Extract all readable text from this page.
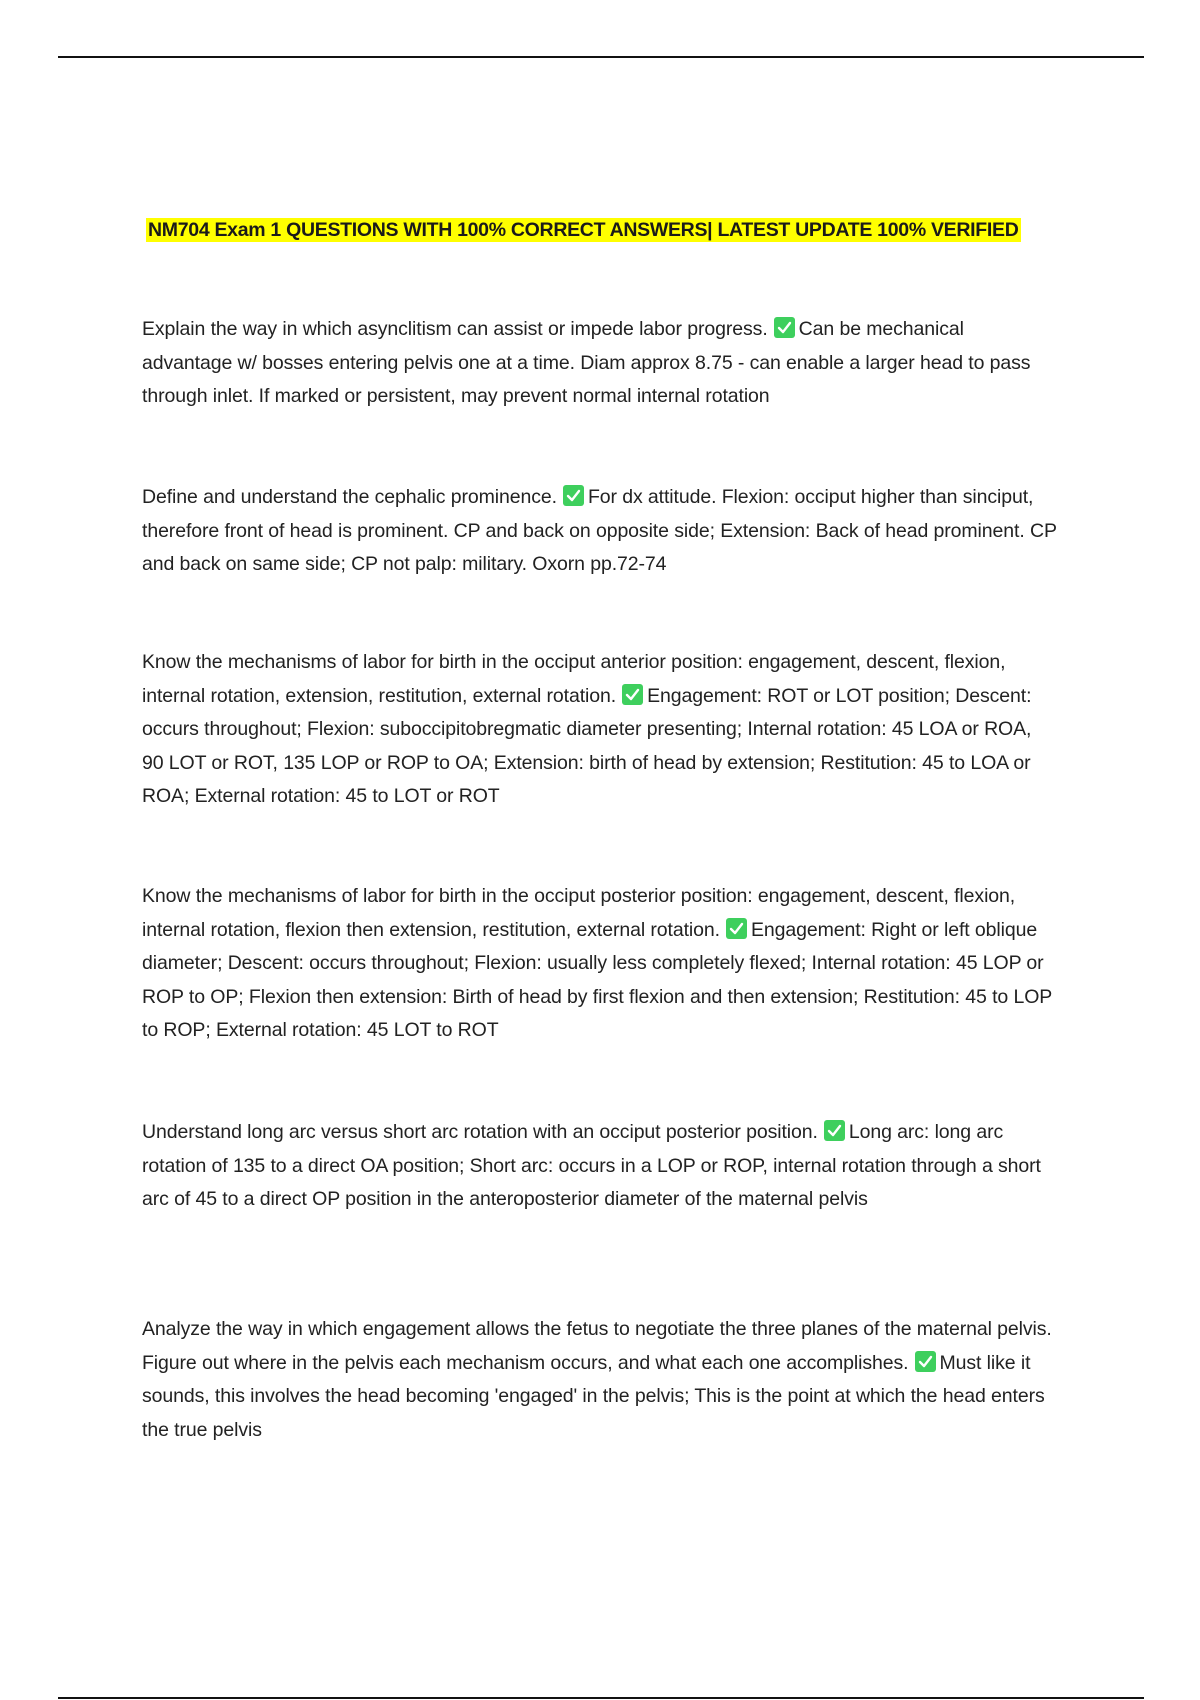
NM704 Exam 1 QUESTIONS WITH 100% CORRECT ANSWERS| LATEST UPDATE 100% VERIFIED
Explain the way in which asynclitism can assist or impede labor progress. Can be mechanical advantage w/ bosses entering pelvis one at a time. Diam approx 8.75 - can enable a larger head to pass through inlet. If marked or persistent, may prevent normal internal rotation
Define and understand the cephalic prominence. For dx attitude. Flexion: occiput higher than sinciput, therefore front of head is prominent. CP and back on opposite side; Extension: Back of head prominent. CP and back on same side; CP not palp: military. Oxorn pp.72-74
Know the mechanisms of labor for birth in the occiput anterior position: engagement, descent, flexion, internal rotation, extension, restitution, external rotation. Engagement: ROT or LOT position; Descent: occurs throughout; Flexion: suboccipitobregmatic diameter presenting; Internal rotation: 45 LOA or ROA, 90 LOT or ROT, 135 LOP or ROP to OA; Extension: birth of head by extension; Restitution: 45 to LOA or ROA; External rotation: 45 to LOT or ROT
Know the mechanisms of labor for birth in the occiput posterior position: engagement, descent, flexion, internal rotation, flexion then extension, restitution, external rotation. Engagement: Right or left oblique diameter; Descent: occurs throughout; Flexion: usually less completely flexed; Internal rotation: 45 LOP or ROP to OP; Flexion then extension: Birth of head by first flexion and then extension; Restitution: 45 to LOP to ROP; External rotation: 45 LOT to ROT
Understand long arc versus short arc rotation with an occiput posterior position. Long arc: long arc rotation of 135 to a direct OA position; Short arc: occurs in a LOP or ROP, internal rotation through a short arc of 45 to a direct OP position in the anteroposterior diameter of the maternal pelvis
Analyze the way in which engagement allows the fetus to negotiate the three planes of the maternal pelvis. Figure out where in the pelvis each mechanism occurs, and what each one accomplishes. Must like it sounds, this involves the head becoming 'engaged' in the pelvis; This is the point at which the head enters the true pelvis
